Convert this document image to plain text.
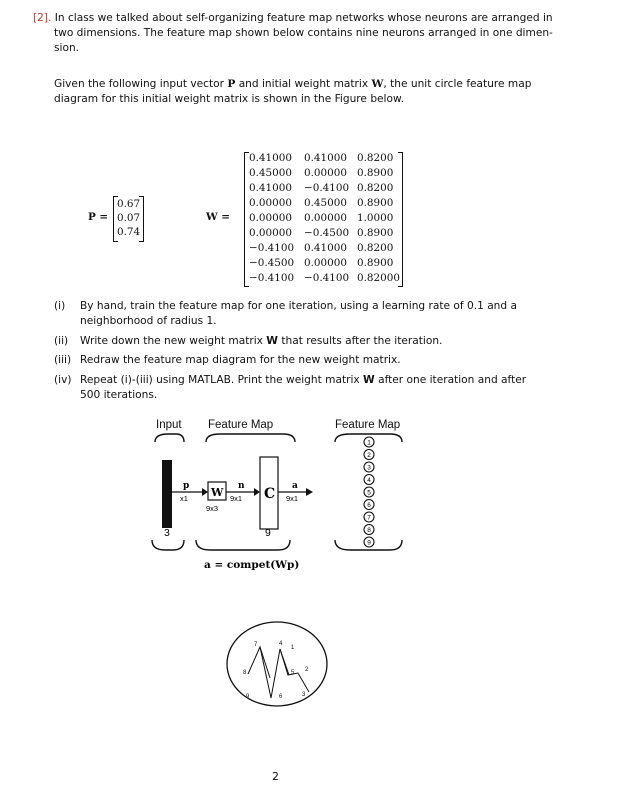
[2]. In class we talked about self-organizing feature map networks whose neurons are arranged in
two dimensions. The feature map shown below contains nine neurons arranged in one dimen-
sion.
Given the following input vector P and initial weight matrix W, the unit circle feature map
diagram for this initial weight matrix is shown in the Figure below.
P =
0.67
0.07
0.74
W =
0.41000 0.41000 0.8200
0.45000 0.00000 0.8900
0.41000 −0.4100 0.8200
0.00000 0.45000 0.8900
0.00000 0.00000 1.0000
0.00000 −0.4500 0.8900
−0.4100 0.41000 0.8200
−0.4500 0.00000 0.8900
−0.4100 −0.4100 0.82000
(i)	By hand, train the feature map for one iteration, using a learning rate of 0.1 and a
neighborhood of radius 1.
(ii)	Write down the new weight matrix W that results after the iteration.
(iii) Redraw the feature map diagram for the new weight matrix.
(iv) Repeat (i)-(iii) using MATLAB. Print the weight matrix W after one iteration and after
500 iterations.
Input Feature Map	Feature Map
p
x1 W
9x3
n
9x1 C a
9x1
3	9
1
2
3
4
5
6
7
8
9
a = compet(Wp)
1
2
3
4
5
6
7
8
9
2
